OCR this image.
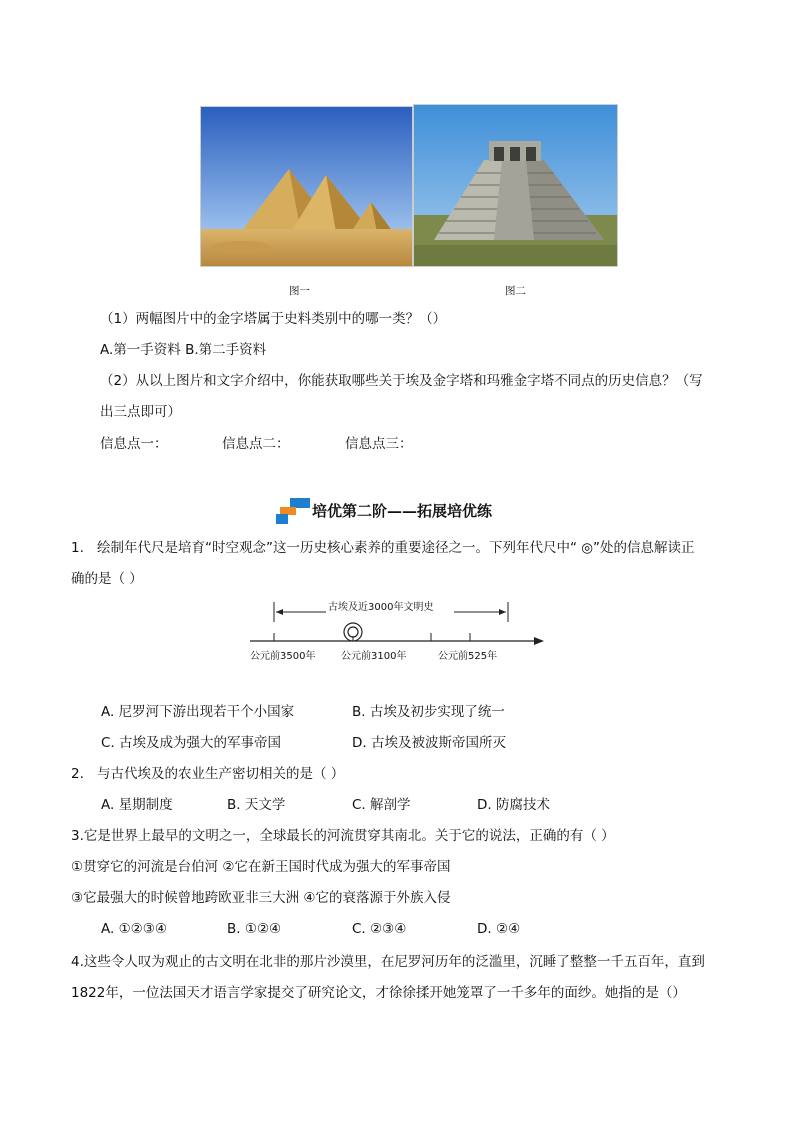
图一	图二
（1）两幅图片中的金字塔属于史料类别中的哪一类？（）
A.第一手资料 B.第二手资料
（2）从以上图片和文字介绍中，你能获取哪些关于埃及金字塔和玛雅金字塔不同点的历史信息？（写
出三点即可）
信息点一：	信息点二：	信息点三：
培优第二阶——拓展培优练
1. 绘制年代尺是培育“时空观念”这一历史核心素养的重要途径之一。下列年代尺中“ ◎”处的信息解读正
确的是（ ）
古埃及近3000年文明史
公元前3500年	公元前3100年	公元前525年
A. 尼罗河下游出现若干个小国家	B. 古埃及初步实现了统一
C. 古埃及成为强大的军事帝国	D. 古埃及被波斯帝国所灭
2. 与古代埃及的农业生产密切相关的是（ ）
A. 星期制度	B. 天文学	C. 解剖学	D. 防腐技术
3.它是世界上最早的文明之一，全球最长的河流贯穿其南北。关于它的说法，正确的有（ ）
①贯穿它的河流是台伯河 ②它在新王国时代成为强大的军事帝国
③它最强大的时候曾地跨欧亚非三大洲 ④它的衰落源于外族入侵
A. ①②③④	B. ①②④	C. ②③④	D. ②④
4.这些令人叹为观止的古文明在北非的那片沙漠里，在尼罗河历年的泛滥里，沉睡了整整一千五百年，直到
1822年，一位法国天才语言学家提交了研究论文，才徐徐揉开她笼罩了一千多年的面纱。她指的是（）
